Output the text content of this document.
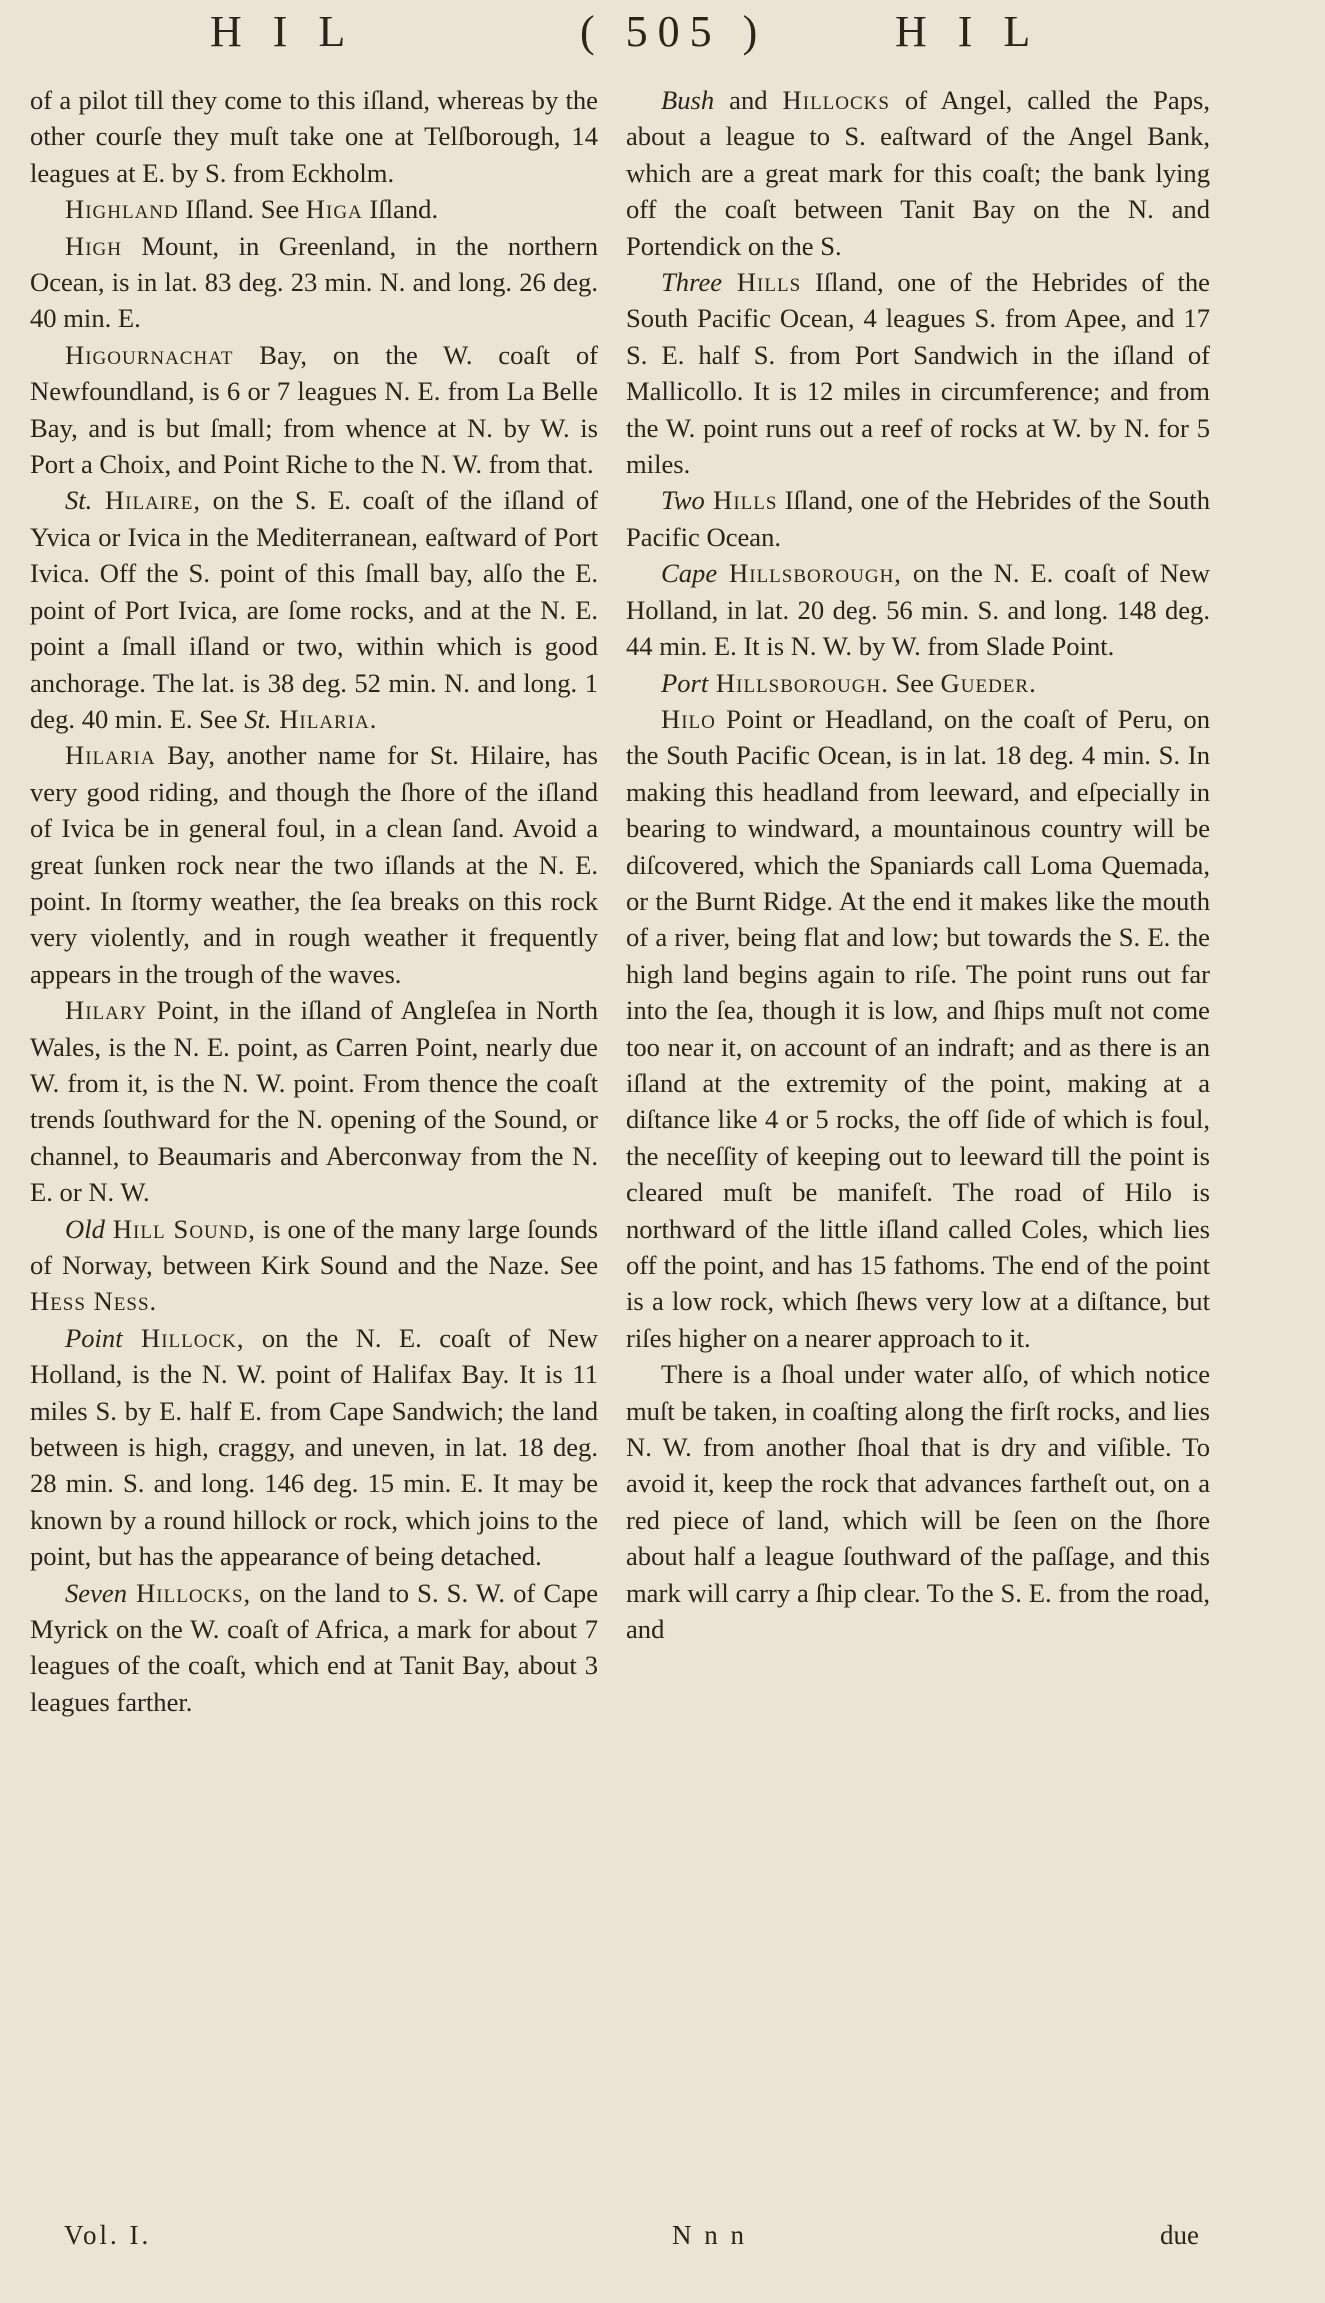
H I L	( 505 )	H I L

of a pilot till they come to this iſland, whereas by the other courſe they muſt take one at Telſborough, 14 leagues at E. by S. from Eckholm.

Highland Iſland. See Higa Iſland.

High Mount, in Greenland, in the northern Ocean, is in lat. 83 deg. 23 min. N. and long. 26 deg. 40 min. E.

Higournachat Bay, on the W. coaſt of Newfoundland, is 6 or 7 leagues N. E. from La Belle Bay, and is but ſmall; from whence at N. by W. is Port a Choix, and Point Riche to the N. W. from that.

St. Hilaire, on the S. E. coaſt of the iſland of Yvica or Ivica in the Mediterranean, eaſtward of Port Ivica. Off the S. point of this ſmall bay, alſo the E. point of Port Ivica, are ſome rocks, and at the N. E. point a ſmall iſland or two, within which is good anchorage. The lat. is 38 deg. 52 min. N. and long. 1 deg. 40 min. E. See St. Hilaria.

Hilaria Bay, another name for St. Hilaire, has very good riding, and though the ſhore of the iſland of Ivica be in general foul, in a clean ſand. Avoid a great ſunken rock near the two iſlands at the N. E. point. In ſtormy weather, the ſea breaks on this rock very violently, and in rough weather it frequently appears in the trough of the waves.

Hilary Point, in the iſland of Angleſea in North Wales, is the N. E. point, as Carren Point, nearly due W. from it, is the N. W. point. From thence the coaſt trends ſouthward for the N. opening of the Sound, or channel, to Beaumaris and Aberconway from the N. E. or N. W.

Old Hill Sound, is one of the many large ſounds of Norway, between Kirk Sound and the Naze. See Hess Ness.

Point Hillock, on the N. E. coaſt of New Holland, is the N. W. point of Halifax Bay. It is 11 miles S. by E. half E. from Cape Sandwich; the land between is high, craggy, and uneven, in lat. 18 deg. 28 min. S. and long. 146 deg. 15 min. E. It may be known by a round hillock or rock, which joins to the point, but has the appearance of being detached.

Seven Hillocks, on the land to S. S. W. of Cape Myrick on the W. coaſt of Africa, a mark for about 7 leagues of the coaſt, which end at Tanit Bay, about 3 leagues farther.

Bush and Hillocks of Angel, called the Paps, about a league to S. eaſtward of the Angel Bank, which are a great mark for this coaſt; the bank lying off the coaſt between Tanit Bay on the N. and Portendick on the S.

Three Hills Iſland, one of the Hebrides of the South Pacific Ocean, 4 leagues S. from Apee, and 17 S. E. half S. from Port Sandwich in the iſland of Mallicollo. It is 12 miles in circumference; and from the W. point runs out a reef of rocks at W. by N. for 5 miles.

Two Hills Iſland, one of the Hebrides of the South Pacific Ocean.

Cape Hillsborough, on the N. E. coaſt of New Holland, in lat. 20 deg. 56 min. S. and long. 148 deg. 44 min. E. It is N. W. by W. from Slade Point.

Port Hillsborough. See Gueder.

Hilo Point or Headland, on the coaſt of Peru, on the South Pacific Ocean, is in lat. 18 deg. 4 min. S. In making this headland from leeward, and eſpecially in bearing to windward, a mountainous country will be diſcovered, which the Spaniards call Loma Quemada, or the Burnt Ridge. At the end it makes like the mouth of a river, being flat and low; but towards the S. E. the high land begins again to riſe. The point runs out far into the ſea, though it is low, and ſhips muſt not come too near it, on account of an indraft; and as there is an iſland at the extremity of the point, making at a diſtance like 4 or 5 rocks, the off ſide of which is foul, the neceſſity of keeping out to leeward till the point is cleared muſt be manifeſt. The road of Hilo is northward of the little iſland called Coles, which lies off the point, and has 15 fathoms. The end of the point is a low rock, which ſhews very low at a diſtance, but riſes higher on a nearer approach to it.

There is a ſhoal under water alſo, of which notice muſt be taken, in coaſting along the firſt rocks, and lies N. W. from another ſhoal that is dry and viſible. To avoid it, keep the rock that advances fartheſt out, on a red piece of land, which will be ſeen on the ſhore about half a league ſouthward of the paſſage, and this mark will carry a ſhip clear. To the S. E. from the road, and

Vol. I.	N n n	due
